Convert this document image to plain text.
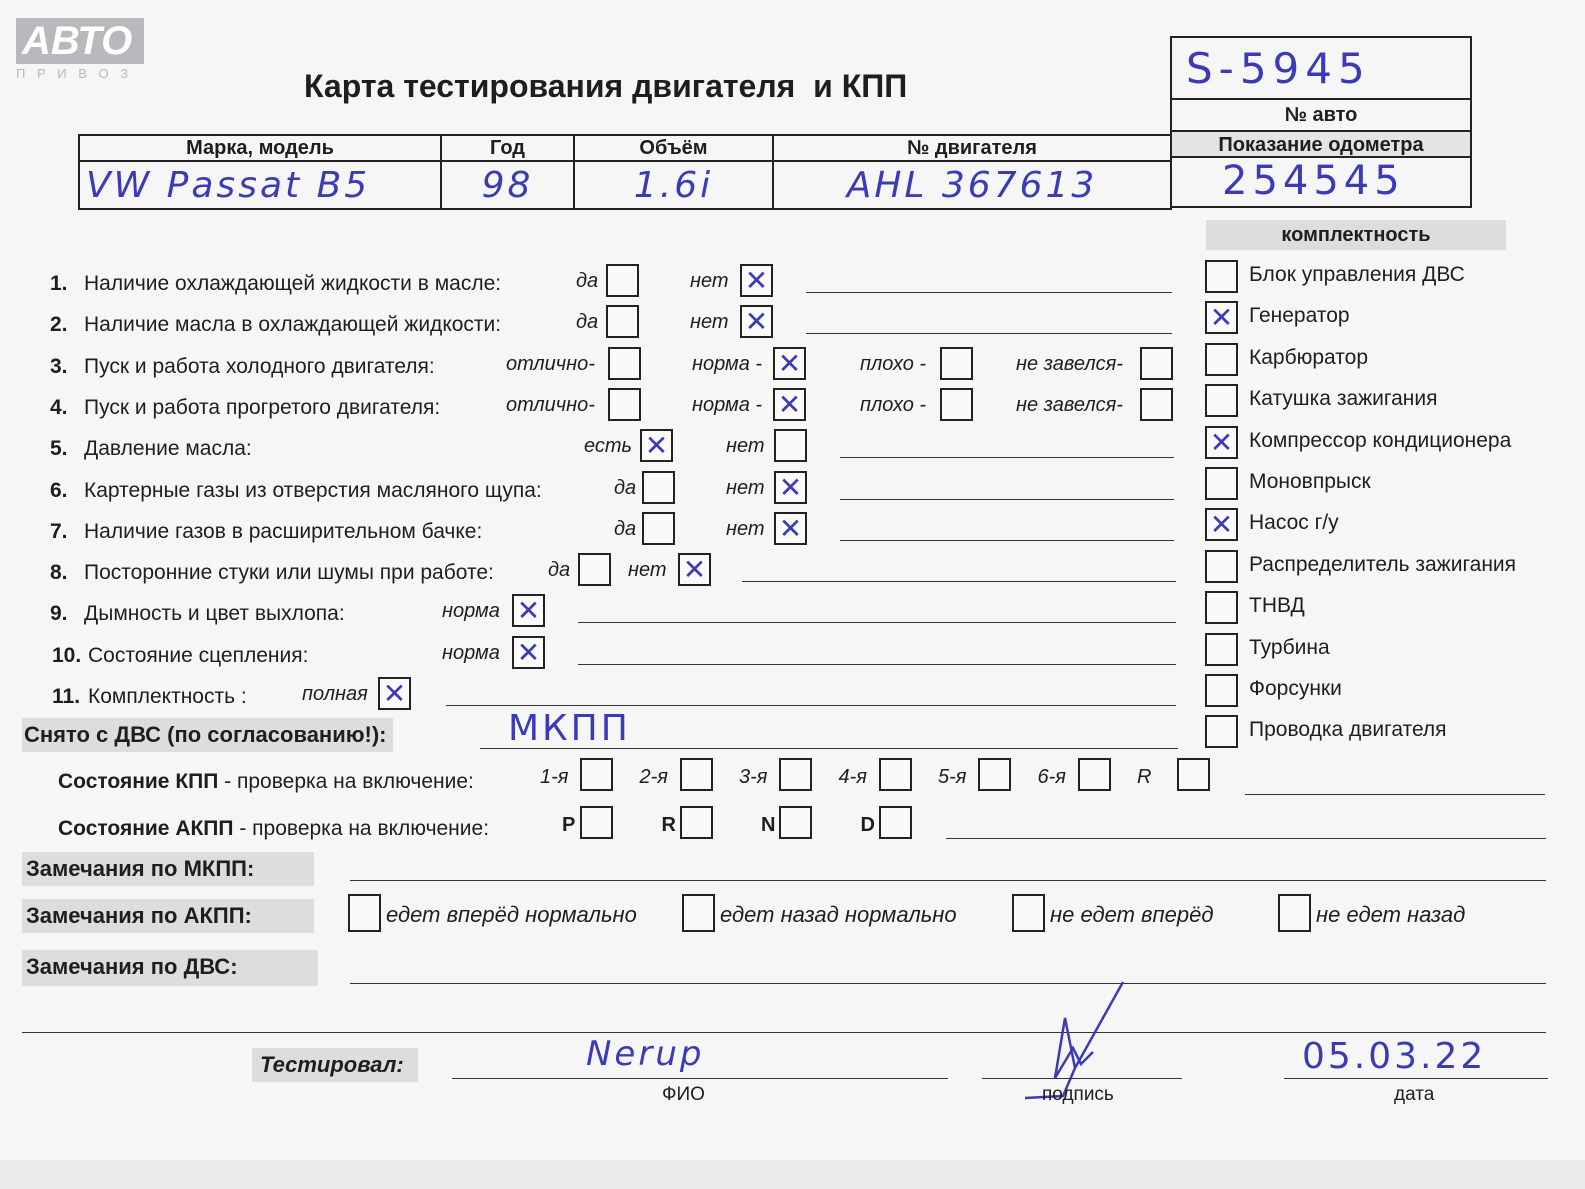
АВТО
П Р И В О З	Карта тестирования двигателя  и КПП	S-5945
№ авто
Показание одометра
254545
Марка, модель	Год	Объём	№ двигателя
VW Passat B5	98	1.6i	AHL 367613
комплектность
Блок управления ДВС
✕ Генератор
Карбюратор
Катушка зажигания
✕ Компрессор кондиционера
Моновпрыск
✕ Насос г/у
Распределитель зажигания
ТНВД
Турбина
Форсунки
Проводка двигателя
1. Наличие охлаждающей жидкости в масле:	да	нет ✕
2. Наличие масла в охлаждающей жидкости:	да	нет ✕
3. Пуск и работа холодного двигателя:	отлично-	норма - ✕	плохо -	не завелся-
4. Пуск и работа прогретого двигателя:	отлично-	норма - ✕	плохо -	не завелся-
5. Давление масла:	есть ✕	нет
6. Картерные газы из отверстия масляного щупа:	да	нет ✕
7. Наличие газов в расширительном бачке:	да	нет ✕
8. Посторонние стуки или шумы при работе:	да	нет ✕
9. Дымность и цвет выхлопа:	норма ✕
10. Состояние сцепления:	норма ✕
11. Комплектность :	полная ✕
Снято с ДВС (по согласованию!):	МКПП
Состояние КПП - проверка на включение:	1-я	2-я	3-я	4-я	5-я	6-я	R
Состояние АКПП - проверка на включение:	P	R	N	D
Замечания по МКПП:
Замечания по АКПП:	едет вперёд нормально	едет назад нормально	не едет вперёд	не едет назад
Замечания по ДВС:
Тестировал:	Nerup
ФИО	подпись
05.03.22
дата
